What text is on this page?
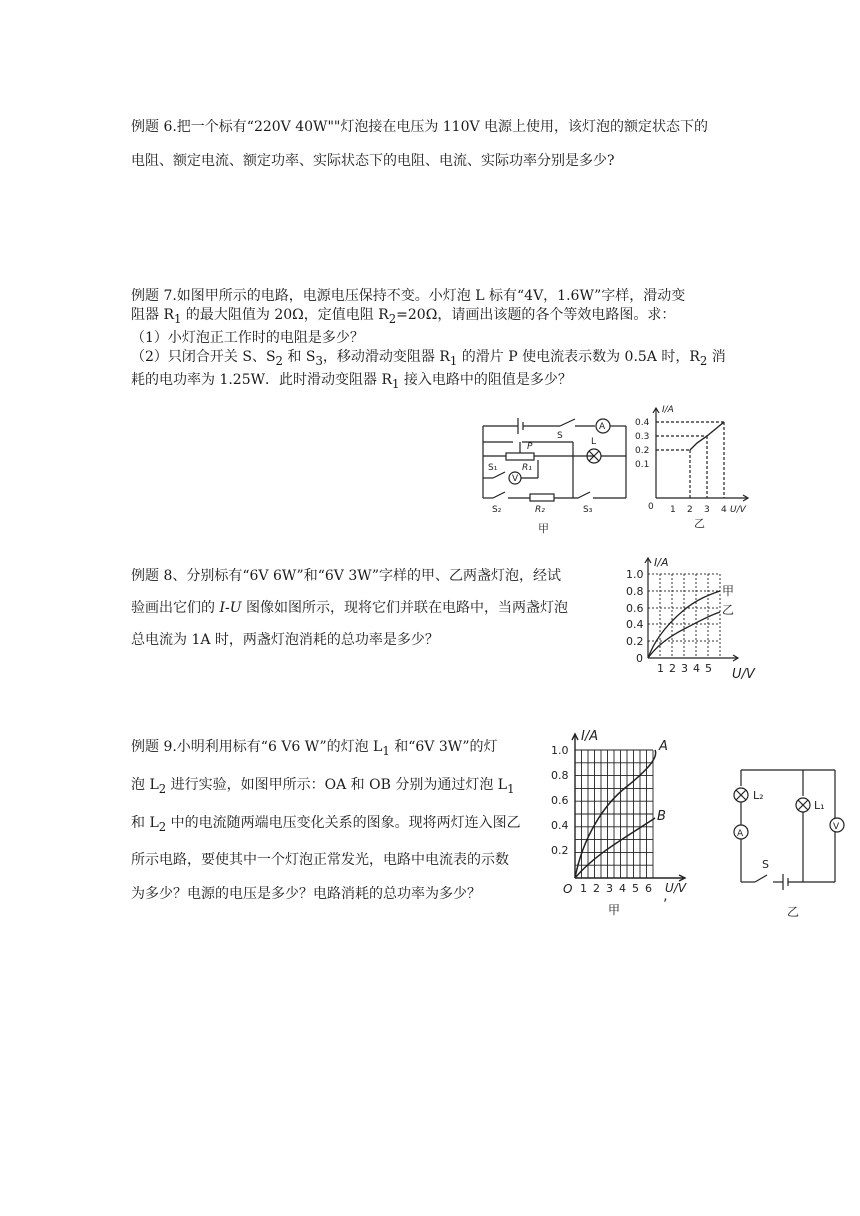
例题 6.把一个标有“220V 40W""灯泡接在电压为 110V 电源上使用，该灯泡的额定状态下的
电阻、额定电流、额定功率、实际状态下的电阻、电流、实际功率分别是多少?
例题 7.如图甲所示的电路，电源电压保持不变。小灯泡 L 标有“4V，1.6W”字样，滑动变
阻器 $R_1$ 的最大阻值为 20Ω，定值电阻 $R_2=20\Omega$，请画出该题的各个等效电路图。求：
（1）小灯泡正工作时的电阻是多少？
（2）只闭合开关 S、$S_2$ 和 $S_3$，移动滑动变阻器 $R_1$ 的滑片 P 使电流表示数为 0.5A 时，$R_2$ 消
耗的电功率为 1.25W．此时滑动变阻器 $R_1$ 接入电路中的阻值是多少？
S
A
L
P
R₁
S₁
V
R₂
S₂	S₃
甲
I/A
U/V
0.4
0.3
0.2
0.1
0 1 2 3 4
乙
例题 8、分别标有“6V 6W”和“6V 3W”字样的甲、乙两盏灯泡，经试
验画出它们的 I-U 图像如图所示，现将它们并联在电路中，当两盏灯泡
总电流为 1A 时，两盏灯泡消耗的总功率是多少？
I/A
U/V
1.0
0.8
0.6
0.4
0.2
0
1 2 3 4 5
甲
乙
例题 9.小明利用标有“6 V6 W”的灯泡 $L_1$ 和“6V 3W”的灯
泡 $L_2$ 进行实验，如图甲所示：OA 和 OB 分别为通过灯泡 $L_1$
和 $L_2$ 中的电流随两端电压变化关系的图象。现将两灯连入图乙
所示电路，要使其中一个灯泡正常发光，电路中电流表的示数
为多少？电源的电压是多少？电路消耗的总功率为多少？
I/A
U/V
O
1.0
0.8
0.6
0.4
0.2
1 2 3 4 5 6
A
B
甲	’
L₂
L₁
A
V
S
乙
